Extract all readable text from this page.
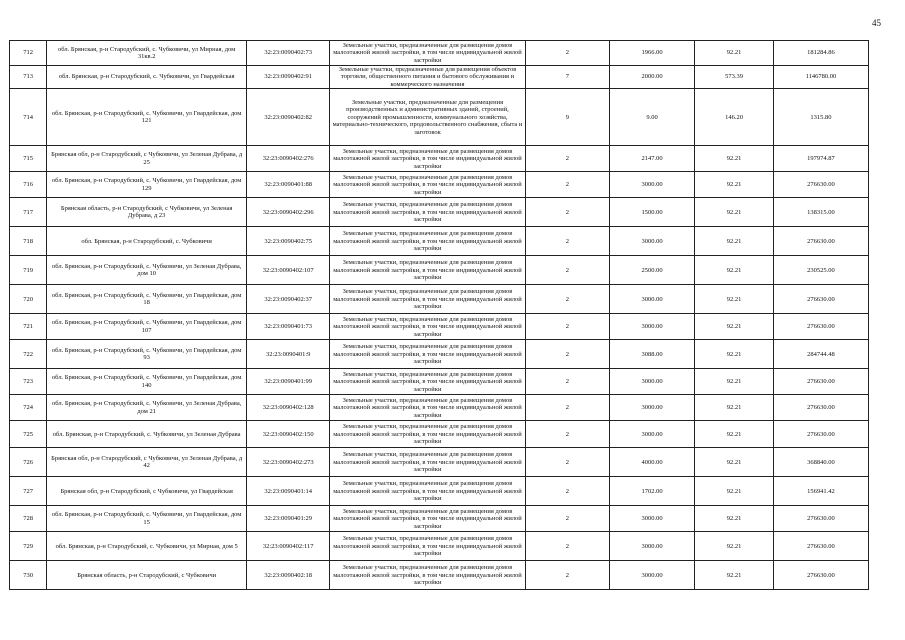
45
712	обл. Брянская, р-н Стародубский, с. Чубковичи, ул Мирная, дом 31кв.2	32:23:0090402:73	Земельные участки, предназначенные для размещения домов малоэтажной жилой застройки, в том числе индивидуальной жилой застройки	2	1966.00	92.21	181284.86
713	обл. Брянская, р-н Стародубский, с. Чубковичи, ул Гвардейская	32:23:0090402:91	Земельные участки, предназначенные для размещения объектов торговли, общественного питания и бытового обслуживания и коммерческого назначения	7	2000.00	573.39	1146780.00
714	обл. Брянская, р-н Стародубский, с. Чубковичи, ул Гвардейская, дом 121	32:23:0090402:82	Земельные участки, предназначенные для размещения производственных и административных зданий, строений, сооружений промышленности, коммунального хозяйства, материально-технического, продовольственного снабжения, сбыта и заготовок	9	9.00	146.20	1315.80
715	Брянская обл, р-н Стародубский, с Чубковичи, ул Зеленая Дубрава, д 25	32:23:0090402:276	Земельные участки, предназначенные для размещения домов малоэтажной жилой застройки, в том числе индивидуальной жилой застройки	2	2147.00	92.21	197974.87
716	обл. Брянская, р-н Стародубский, с. Чубковичи, ул Гвардейская, дом 129	32:23:0090401:88	Земельные участки, предназначенные для размещения домов малоэтажной жилой застройки, в том числе индивидуальной жилой застройки	2	3000.00	92.21	276630.00
717	Брянская область, р-н Стародубский, с Чубковичи, ул Зеленая Дубрава, д 23	32:23:0090402:296	Земельные участки, предназначенные для размещения домов малоэтажной жилой застройки, в том числе индивидуальной жилой застройки	2	1500.00	92.21	138315.00
718	обл. Брянская, р-н Стародубский, с. Чубковичи	32:23:0090402:75	Земельные участки, предназначенные для размещения домов малоэтажной жилой застройки, в том числе индивидуальной жилой застройки	2	3000.00	92.21	276630.00
719	обл. Брянская, р-н Стародубский, с. Чубковичи, ул Зеленая Дубрава, дом 10	32:23:0090402:107	Земельные участки, предназначенные для размещения домов малоэтажной жилой застройки, в том числе индивидуальной жилой застройки	2	2500.00	92.21	230525.00
720	обл. Брянская, р-н Стародубский, с. Чубковичи, ул Гвардейская, дом 18	32:23:0090402:37	Земельные участки, предназначенные для размещения домов малоэтажной жилой застройки, в том числе индивидуальной жилой застройки	2	3000.00	92.21	276630.00
721	обл. Брянская, р-н Стародубский, с. Чубковичи, ул Гвардейская, дом 107	32:23:0090401:73	Земельные участки, предназначенные для размещения домов малоэтажной жилой застройки, в том числе индивидуальной жилой застройки	2	3000.00	92.21	276630.00
722	обл. Брянская, р-н Стародубский, с. Чубковичи, ул Гвардейская, дом 93	32:23:0090401:9	Земельные участки, предназначенные для размещения домов малоэтажной жилой застройки, в том числе индивидуальной жилой застройки	2	3088.00	92.21	284744.48
723	обл. Брянская, р-н Стародубский, с. Чубковичи, ул Гвардейская, дом 140	32:23:0090401:99	Земельные участки, предназначенные для размещения домов малоэтажной жилой застройки, в том числе индивидуальной жилой застройки	2	3000.00	92.21	276630.00
724	обл. Брянская, р-н Стародубский, с. Чубковичи, ул Зеленая Дубрава, дом 21	32:23:0090402:128	Земельные участки, предназначенные для размещения домов малоэтажной жилой застройки, в том числе индивидуальной жилой застройки	2	3000.00	92.21	276630.00
725	обл. Брянская, р-н Стародубский, с. Чубковичи, ул Зеленая Дубрава	32:23:0090402:150	Земельные участки, предназначенные для размещения домов малоэтажной жилой застройки, в том числе индивидуальной жилой застройки	2	3000.00	92.21	276630.00
726	Брянская обл, р-н Стародубский, с Чубковичи, ул Зеленая Дубрава, д 42	32:23:0090402:273	Земельные участки, предназначенные для размещения домов малоэтажной жилой застройки, в том числе индивидуальной жилой застройки	2	4000.00	92.21	368840.00
727	Брянская обл, р-н Стародубский, с Чубковичи, ул Гвардейская	32:23:0090401:14	Земельные участки, предназначенные для размещения домов малоэтажной жилой застройки, в том числе индивидуальной жилой застройки	2	1702.00	92.21	156941.42
728	обл. Брянская, р-н Стародубский, с. Чубковичи, ул Гвардейская, дом 15	32:23:0090401:29	Земельные участки, предназначенные для размещения домов малоэтажной жилой застройки, в том числе индивидуальной жилой застройки	2	3000.00	92.21	276630.00
729	обл. Брянская, р-н Стародубский, с. Чубковичи, ул Мирная, дом 5	32:23:0090402:117	Земельные участки, предназначенные для размещения домов малоэтажной жилой застройки, в том числе индивидуальной жилой застройки	2	3000.00	92.21	276630.00
730	Брянская область, р-н Стародубский, с Чубковичи	32:23:0090402:18	Земельные участки, предназначенные для размещения домов малоэтажной жилой застройки, в том числе индивидуальной жилой застройки	2	3000.00	92.21	276630.00
